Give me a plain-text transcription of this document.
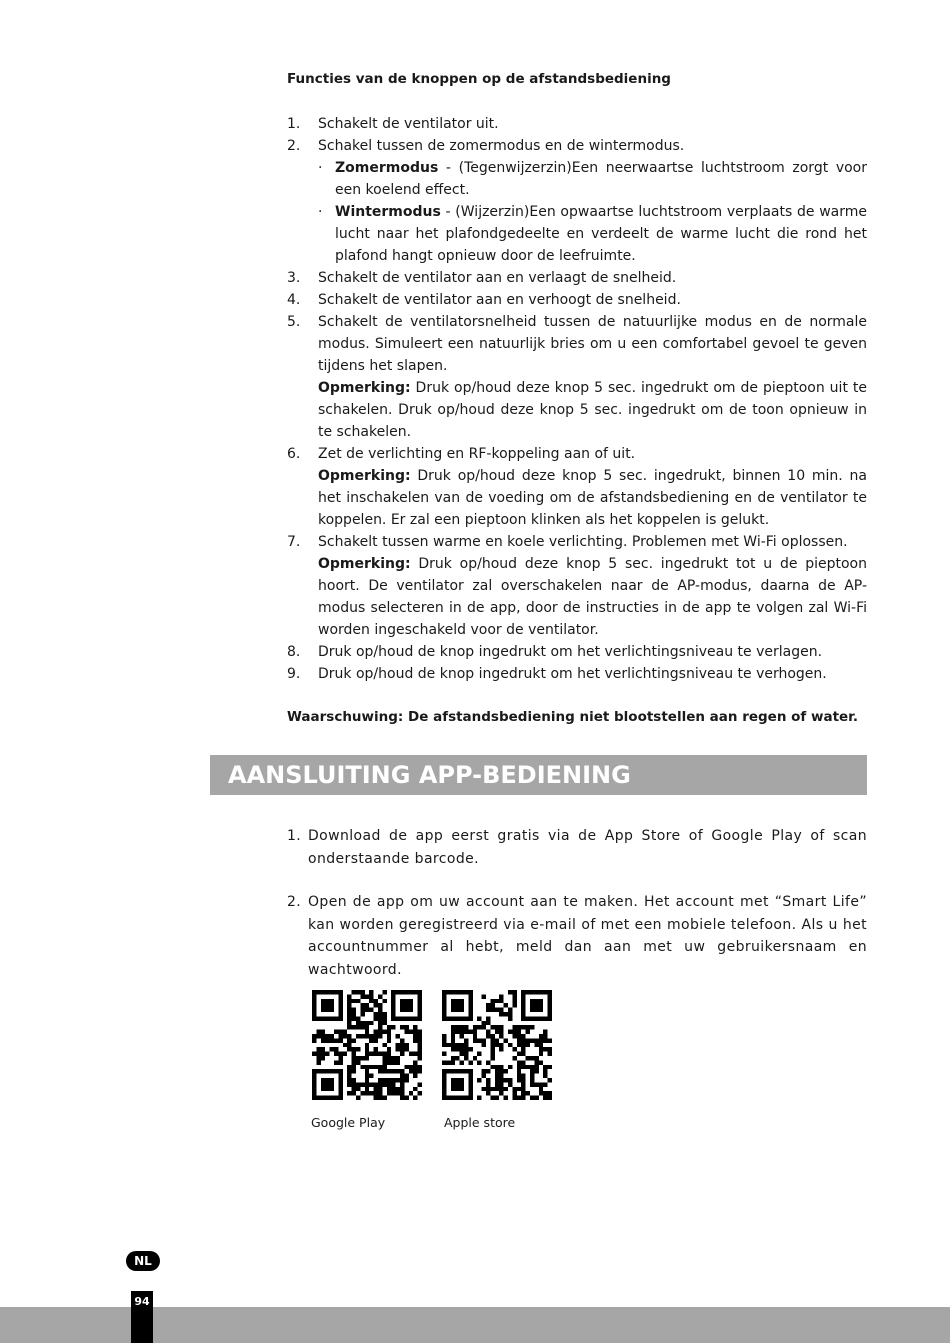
Functies van de knoppen op de afstandsbediening
1.	Schakelt de ventilator uit.
2.	Schakel tussen de zomermodus en de wintermodus.
· Zomermodus - (Tegenwijzerzin)Een neerwaartse luchtstroom zorgt voor een koelend effect.
· Wintermodus - (Wijzerzin)Een opwaartse luchtstroom verplaats de warme lucht naar het plafondgedeelte en verdeelt de warme lucht die rond het plafond hangt opnieuw door de leefruimte.
3.	Schakelt de ventilator aan en verlaagt de snelheid.
4.	Schakelt de ventilator aan en verhoogt de snelheid.
5.	Schakelt de ventilatorsnelheid tussen de natuurlijke modus en de normale modus. Simuleert een natuurlijk bries om u een comfortabel gevoel te geven tijdens het slapen.
Opmerking: Druk op/houd deze knop 5 sec. ingedrukt om de pieptoon uit te schakelen. Druk op/houd deze knop 5 sec. ingedrukt om de toon opnieuw in te schakelen.
6.	Zet de verlichting en RF-koppeling aan of uit.
Opmerking: Druk op/houd deze knop 5 sec. ingedrukt, binnen 10 min. na het inschakelen van de voeding om de afstandsbediening en de ventilator te koppelen. Er zal een pieptoon klinken als het koppelen is gelukt.
7.	Schakelt tussen warme en koele verlichting. Problemen met Wi-Fi oplossen.
Opmerking: Druk op/houd deze knop 5 sec. ingedrukt tot u de pieptoon hoort. De ventilator zal overschakelen naar de AP-modus, daarna de AP-modus selecteren in de app, door de instructies in de app te volgen zal Wi-Fi worden ingeschakeld voor de ventilator.
8.	Druk op/houd de knop ingedrukt om het verlichtingsniveau te verlagen.
9.	Druk op/houd de knop ingedrukt om het verlichtingsniveau te verhogen.

Waarschuwing: De afstandsbediening niet blootstellen aan regen of water.

AANSLUITING APP-BEDIENING
1. Download de app eerst gratis via de App Store of Google Play of scan onderstaande barcode.
2. Open de app om uw account aan te maken. Het account met “Smart Life” kan worden geregistreerd via e-mail of met een mobiele telefoon. Als u het accountnummer al hebt, meld dan aan met uw gebruikersnaam en wachtwoord.
Google Play	Apple store
NL
94
